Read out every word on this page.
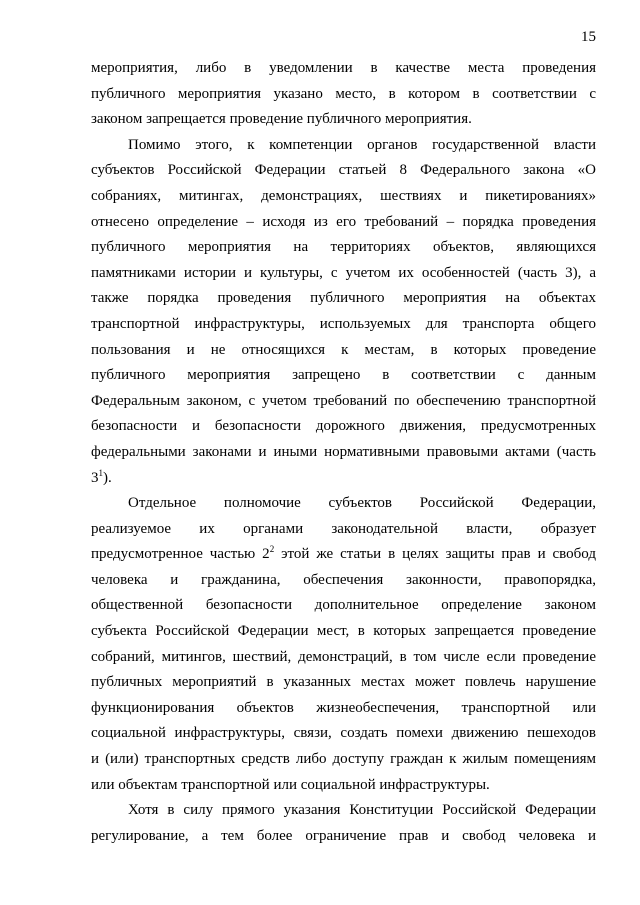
15
мероприятия, либо в уведомлении в качестве места проведения
публичного мероприятия указано место, в котором в соответствии с
законом запрещается проведение публичного мероприятия.
Помимо этого, к компетенции органов государственной власти
субъектов Российской Федерации статьей 8 Федерального закона «О
собраниях, митингах, демонстрациях, шествиях и пикетированиях»
отнесено определение – исходя из его требований – порядка проведения
публичного мероприятия на территориях объектов, являющихся
памятниками истории и культуры, с учетом их особенностей (часть 3), а
также порядка проведения публичного мероприятия на объектах
транспортной инфраструктуры, используемых для транспорта общего
пользования и не относящихся к местам, в которых проведение
публичного мероприятия запрещено в соответствии с данным
Федеральным законом, с учетом требований по обеспечению транспортной
безопасности и безопасности дорожного движения, предусмотренных
федеральными законами и иными нормативными правовыми актами (часть
$3^1$).
Отдельное полномочие субъектов Российской Федерации,
реализуемое их органами законодательной власти, образует
предусмотренное частью $2^2$ этой же статьи в целях защиты прав и свобод
человека и гражданина, обеспечения законности, правопорядка,
общественной безопасности дополнительное определение законом
субъекта Российской Федерации мест, в которых запрещается проведение
собраний, митингов, шествий, демонстраций, в том числе если проведение
публичных мероприятий в указанных местах может повлечь нарушение
функционирования объектов жизнеобеспечения, транспортной или
социальной инфраструктуры, связи, создать помехи движению пешеходов
и (или) транспортных средств либо доступу граждан к жилым помещениям
или объектам транспортной или социальной инфраструктуры.
Хотя в силу прямого указания Конституции Российской Федерации
регулирование, а тем более ограничение прав и свобод человека и
